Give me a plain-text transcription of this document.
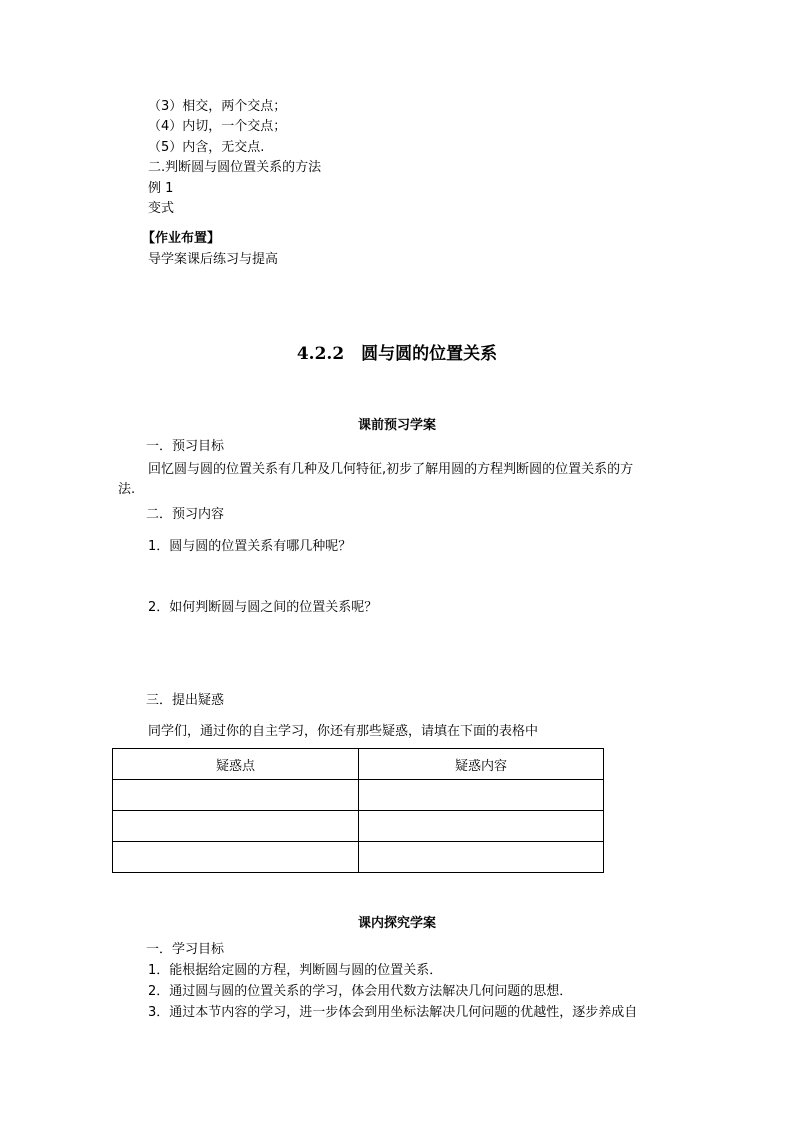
（3）相交，两个交点；
（4）内切，一个交点；
（5）内含，无交点.
二.判断圆与圆位置关系的方法
例 1
变式
【作业布置】
导学案课后练习与提高
4.2.2　圆与圆的位置关系
课前预习学案
一．预习目标
回忆圆与圆的位置关系有几种及几何特征,初步了解用圆的方程判断圆的位置关系的方
法.
二．预习内容
1．圆与圆的位置关系有哪几种呢？
2．如何判断圆与圆之间的位置关系呢？
三．提出疑惑
同学们，通过你的自主学习，你还有那些疑惑，请填在下面的表格中
疑惑点	疑惑内容

课内探究学案
一．学习目标
1．能根据给定圆的方程，判断圆与圆的位置关系．
2．通过圆与圆的位置关系的学习，体会用代数方法解决几何问题的思想．
3．通过本节内容的学习，进一步体会到用坐标法解决几何问题的优越性，逐步养成自
